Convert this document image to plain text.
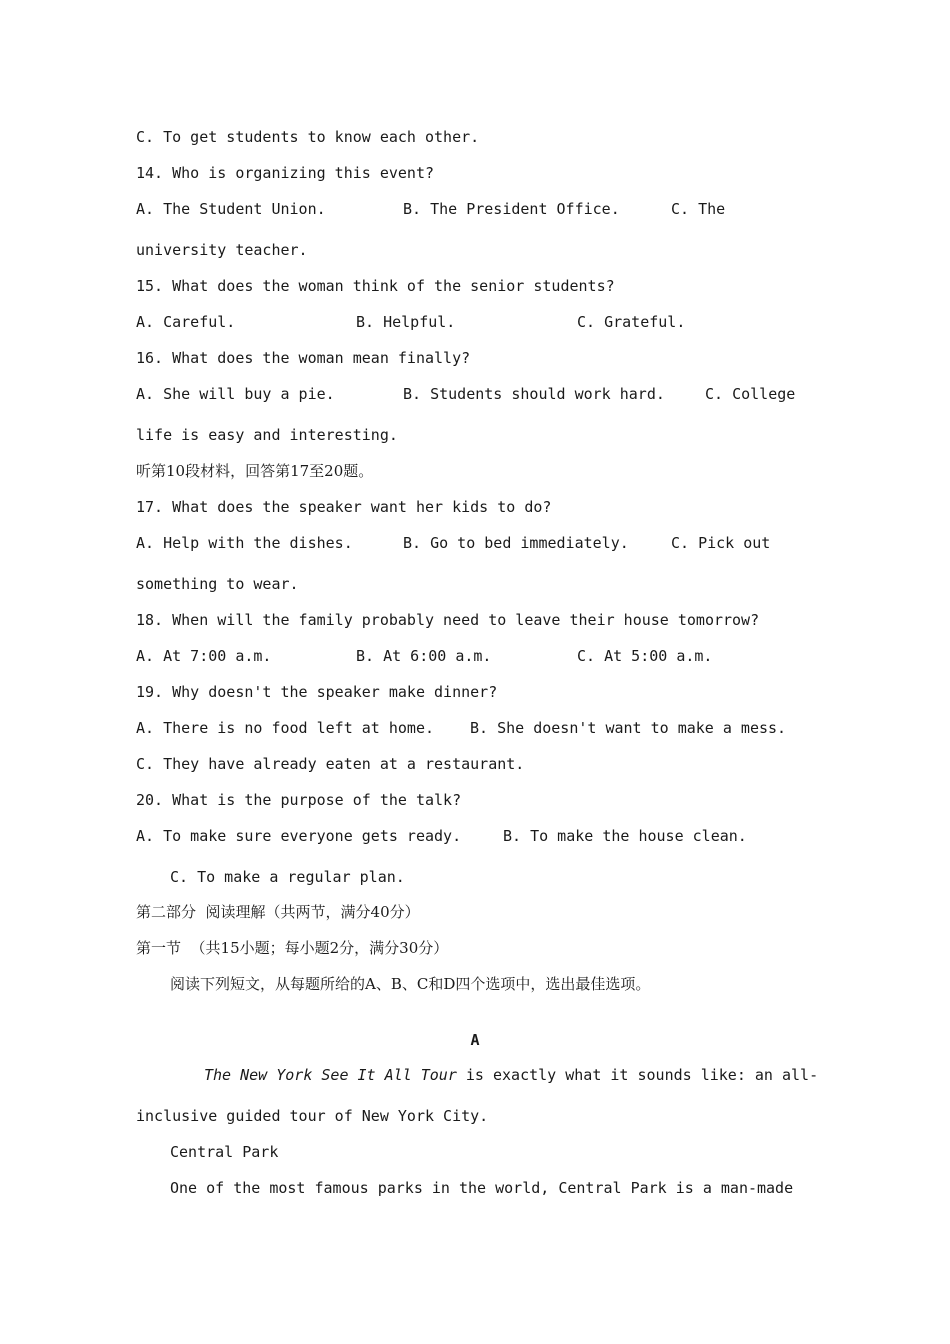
C. To get students to know each other.
14. Who is organizing this event?
A. The Student Union.	B. The President Office.	C. The
university teacher.
15. What does the woman think of the senior students?
A. Careful.	B. Helpful.	C. Grateful.
16. What does the woman mean finally?
A. She will buy a pie.	B. Students should work hard.	C. College
life is easy and interesting.
听第10段材料，回答第17至20题。
17. What does the speaker want her kids to do?
A. Help with the dishes.	B. Go to bed immediately.	C. Pick out
something to wear.
18. When will the family probably need to leave their house tomorrow?
A. At 7:00 a.m.	B. At 6:00 a.m.	C. At 5:00 a.m.
19. Why doesn't the speaker make dinner?
A. There is no food left at home. B. She doesn't want to make a mess.
C. They have already eaten at a restaurant.
20. What is the purpose of the talk?
A. To make sure everyone gets ready.	B. To make the house clean.
C. To make a regular plan.
第二部分  阅读理解（共两节，满分40分）
第一节  （共15小题；每小题2分，满分30分）
阅读下列短文，从每题所给的A、B、C和D四个选项中，选出最佳选项。
A
The New York See It All Tour is exactly what it sounds like: an all-
inclusive guided tour of New York City.
Central Park
One of the most famous parks in the world, Central Park is a man-made
